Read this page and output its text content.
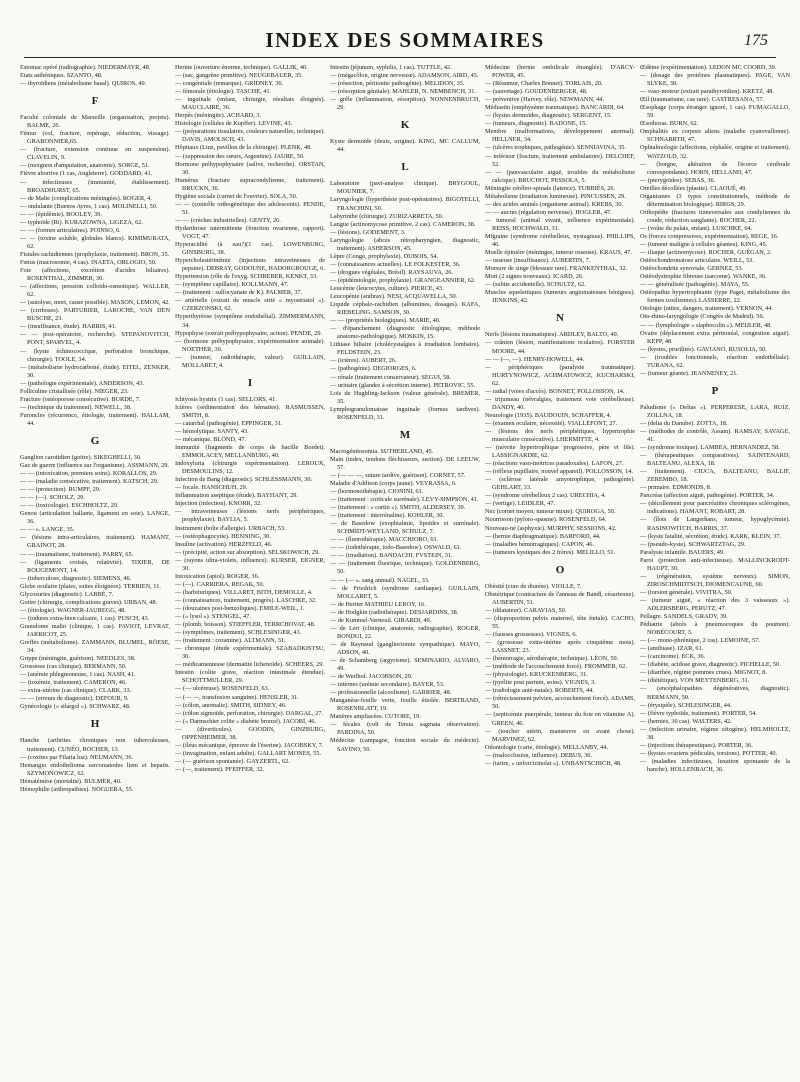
INDEX DES SOMMAIRES	175
Estomac opéré (radiographie). NIEDERMAYR, 48.
Etats asthéniques. SZANTO, 48.
— thyroïdiens (métabolisme basal). QUIROS, 49.
F
Faculté coloniale de Marseille (organisation, projets). BALME, 26.
Fémur (col, fracture, repérage, réduction, vissage). GRABONNIER,65.
— (fracture, extension continue en suspension). CLAVELIN, 9.
— (moignon d'amputation, anatomie). SORGE, 51.
Fièvre abortive (1 cas, Angleterre). GODDARD, 41.
— infectieuses (immunité, établissement). BROADHURST, 65.
— de Malte (complications méningées). ROGER, 4.
— ondulante (Buenos Ayres, 1 cas). MOLINELLI, 50.
— — (épidémie). BOOLEY, 39.
— typhoïde (Ri). KURAZOWNA, LIGEZA, 62.
— — (formes articulaires). POINSO, 6.
— — (toxine soluble, globules blancs). KIMIMURATA, 62.
Fistules rachidiennes (prophylaxie, traitement). BRON, 35.
Fœtus (macrosomie, 4 cas). INAETA, ORLOGIO, 50.
Foie (affections, excrétion d'acides biliaires). ROSENTHAL, ZIMMER, 30.
— (affections, pression colloïdo-osmotique). WALLER, 62.
— (autolyse, mort, cause possible). MASON, LEMON, 42.
— (cirrhoses). PARTURIER, LAROCHE, VAN DEN BUSCHE, 23.
— (insuffisance, étude). HARRIS, 41.
— — post-opératoire, recherche). STEPANOVITCH, PONT, SPARVEL, 4.
— (kyste échinococcique, perforation bronchique, chirurgie). TOOLE, 34.
— (métabolisme hydrocarboné, étude). EITEL, ZENKER, 30.
— (pathologie expérimentale). ANDERSON, 43.
Folliculine cristallisée (rôle). NIEGER, 23.
Fracture (ostéoporose consécutive). BURDE, 7.
— (technique du traitement). NEWELL, 38.
Furoncles (récurrence, étiologie, traitement). HALLAM, 44.
G
Ganglion carotidien (goitre). SIKEGHELLI, 30.
Gaz de guerre (influence sur l'organisme). ASSMANN, 29.
— — (intoxication, premiers soins). KORALLOS, 29.
— — (maladie consécutive, traitement). KATSCH, 29.
— — (protection). RUMPF, 29.
— — (—). SCHOLZ, 29.
— — (toxicologie). ESCHHOLTZ, 29.
Genou (articulation ballante, ligament en soie). LANGE, 36.
— — ». LANGE, 35.
— (lésions intra-articulaires, traitement). HAMANT, GRAINOT, 28.
— — (traumatisme, traitement). PARRY, 65.
— (ligaments croisés, relativité). TIXIER, DE ROUGEMONT, 14.
— (tuberculose, diagnostic). SIEMENS, 46.
Globe oculaire (plaies, suites éloignées). TERRIEN, 11.
Glycosuries (diagnostic). LABBÉ, 7.
Goitre (chirurgie, complications graves). URBAN, 48.
— (étiologie). WAGNER-JAUREGG, 48.
— (iodures extra-bien calcaire, 1 cas). PUSCH, 43.
Granulome malin (clinique, 1 cas). PAVIOT, LEVRAT, JARRICOT, 25.
Greffes (métabolisme). ZAMMANN, BLUMEL, RÖESE, 34.
Grippe (méningite, guérison). NEEDLES, 38.
Grossesse (cas clinique). BERMANN, 50.
— (anémie phlegmoneuse, 1 cas). NASH, 41.
— (toxémie, traitement). CAMERON, 46.
— extra-utérine (cas clinique). CLARK, 33.
— — (erreurs de diagnostic). DEFOUR, 9.
Gynécologie (« silargol »). SCHWARZ, 48.
H
Hanche (arthrites chroniques non tuberculeuses, traitement). CUNÉO, ROCHER, 13.
— (coxites par Filaria loa). NEUMANN, 36.
Hemangio endothelioma sarcomatodes lieni et hepatis. SZYMONOWICZ, 62.
Hématémèse (mortalité). BULMER, 40.
Hémophilie (arthropathies). NOGUERA, 55.
Hernie (ouverture énorme, technique). GALLIK, 40.
— (sac, gangrène primitive). NEUGEBAUER, 35.
— congénitale (remarque). GRIDNEY, 36.
— fémorale (étiologie). TASCHE, 41.
— inguinale (enfant, chirurgie, résultats éloignés). MAUCLAIRE, 36.
Herpès (méningite). ACHARD, 3.
Histologie (cellules de Kupffer). LEVINE, 43.
— (préparations tissulaires, couleurs naturelles, technique). DAVIS, AMOLSCH, 43.
Hôpitaux (Linz, pavillon de la chirurgie). PLENK, 48.
— (suppression des sœurs, Argentine). JAURE, 50.
Hormone préhypophysaire (salive, recherche). ORSTAN, 30.
Humérus (fracture supracondylienne, traitement). BRUCKN, 36.
Hygiène sociale (carnet de l'ouvrier). SOLA, 50.
— — (contrôle orthogénétique des adolescents). PENDE, 51.
— — (crèches industrielles). GENTY, 26.
Hydarthrose intermittente (fonction ovarienne, rapport). VOGT, 47.
Hyperacidité (à eau?)(1 cas). LOWENBURG, GINSBURG, 38.
Hypercholestérinémie (injections intraveineuses de pepsine). DEBRAY, GODOUNE, HADORGROUGE, 6.
Hypertension (rôle de l'oxyg. SCHREBER, KENKT, 33.
— (symptôme capillaire). KOLLMANN, 47.
— (traitement : sulfocyanate de K). PALMER, 37.
— artérielle (extrait de muscle strié « myostriatol »). CZERZONSKI, 62.
Hyperthyréose (symptôme endothélial). ZIMMERMANN, 34.
Hypophyse (extrait préhypophysaire, action). PENDE, 29.
— (hormone préhypophysaire, expérimentation animale). NOETHER, 30.
— (tumeur, radiothérapie, valeur). GUILLAIN, MOLLARET, 4.
I
Ichtyosis hystrix (1 cas). SELLORS, 41.
Ictères (sédimentation des hématies). RASMUSSEN, SMITH, 8.
— catarrhal (pathogénie). EPPINGER, 31.
— hémolytique. SANTY, 43.
— mécanique. BLOND, 47.
Immunité (fragments de corps de bacille Bordet). EMMOLACEY, MELLANBURG, 40.
Indoxyluria (chirurgie expérimentation). LEROUX, DESMOULINS, 12.
Infection de Bang (diagnostic). SCHLESSMANN, 30.
— focale. HANSCHUH, 29.
Inflammation aseptique (étude). BAYHANT, 29.
Injection (infection). KNORR, 32.
— intraveineuses (lésions nerfs périphériques, prophylaxie). BAYLIA, 5.
Instrument (boîte d'allergie). URBACH, 53.
— (ostéophagocytie). HENNING, 30.
Insuline (activation). HERZFELD, 46.
— (précipité, action sur absorption). SELSKOWICH, 29.
— (rayons ultra-violets, influence). KURSER, EIGNER, 30.
Intoxication (apiol). ROGER, 36.
— (—). CARRIERA, REGAK, 50.
— (barbituriques). VILLARET, BITH, DEMOLLE, 4.
— (connaissances, traitement, progrès). LASCHKE, 32.
— (douzaines post-benzoliques). EMILE-WEIL, 1.
— (« lysol »). STENGEL, 47.
— (plomb, boisson). STIEFFLER, TERRCHOVAT, 48.
— (symptômes, traitement). SCHLESINGER, 43.
— (traitement : coramine). ALTMANN, 31.
— chronique (étude expérimentale). SZABADKISTSU, 30.
— médicamenteuse (dermatite lichenoïde). SCHEERS, 29.
Intestin (colite grave, réaction intestinale étendue). SCHOTTMULLER, 29.
— (— ulcéreuse). ROSENFELD, 63.
— (— —, transfusion sanguine). HENSLER, 31.
— (côlon, anomalie). SMITH, SIDNEY, 46.
— (côlon sigmoïde, perforation, chirurgie). DARGAL, 27.
— (« Darmschier colite » diabète bronzé). JACOBI, 46.
— (diverticules). GOODIN, GINZBURG, OPPENHEIMER, 38.
— (iléus mécanique, épreuve de l'éserine). JACOBSKY, 7.
— (invagination, enfant adulte). GALLART MONES, 55.
— (— guérison spontanée). GAYZERTL, 62.
— (—, traitement). PFEIFFER, 32.
Intestin (jéjunum, syphilis, 1 cas). TUTTLE, 42.
— (mégacôlon, origine nerveuse). ADAMSON, AIRD, 45.
— (résection, péritonite pathogénie). MELIDON, 35.
— (résorption génitale). MAHLER, N. NEMBENCH, 31.
— grêle (inflammation, résorption). NONNENBRUCH, 29.
K
Kyste dermoïde (deuts, origine). KING, MC CALLUM, 44.
L
Laboratoire (pavi-analyse clinique). BRYGOUL, MOUNIER, 7.
Laryngologie (hyperthésie post-opératoires). BIGOTELLI, FRANCHINI, 50.
Labyrinthe (chirurgie). ZURIZARRETA, 50.
Langue (actinomycose primitive, 2 cas). CAMERON, 38.
— (lésions). GODEMENT, 3.
Laryngologie (abcès rétropharyngien, diagnostic, traitement). ASHERSON, 45.
Lèpre (Congo, prophylaxie). DUBOIS, 54.
— (connaissances actuelles). LE FOLKESTER, 36.
— (drogues végétales, Brésil). RAYSAUVA, 26.
— (épidémiologie, prophylaxie). GRANGEANNIER, 62.
Leucémie (leucocytes, culture). PIERCE, 43.
Leucopénie (anthrax). NESI, ACQUAVELLA, 50.
Liquide céphalo-rachidien (albumines, dosages). KAFA, RIEBELING, SAMSON, 30.
— — (propriétés biologiques). MARIE, 40.
— d'épanchement (diagnostic étiologique, méthode anatomo-pathologique). MOSKIN, 15.
Lithiase biliaire (cholécystalgies à irradiation lombaire). FELDSTEIN, 23.
— (ictères). AUBERT, 26.
— (pathogénie). DEGIORGES, 6.
— rénale (traitement conservateur). SEGUI, 58.
— urinaire (glandes à sécrétion interne). PETROVIC, 55.
Loïs de Hughling-Jackson (valeur générale). BREMER, 35.
Lymphogranulomatose inguinale (formes tardives). ROSENFELD, 31.
M
Macrogénitosomia. SUTHERLAND, 45.
Main (index, tendons fléchisseurs, section). DE LEEUW, 57.
— (— — —, suture tardive, guérison). CORNET, 57.
Maladie d'Addison (corps jaune). VEYRASSA, 6.
— (hormonothérapie). CIONINI, 61.
— (traitement : corticale surrénale). LEVY-SIMPSON, 41.
— (traitement : « cortin »). SMITH, ALDERSEY, 39.
— (traitement : interrénaline). KOHLER, 30.
— de Basedow (exophtalmie, lipoïdes et surrénale). SCHMIDT-WEYLAND, SCHULZ, 7.
— — (fluorothérapie). MACCHIORO, 61.
— — (iodothérapie, iodo-Basedow). OSWALD, 61.
— — (irradiation). BANDACHI, FVSTEIN, 31.
— — (traitement fluorique, technique). GOLDENBERG, 50.
— — (— ». sang annual). NAGEL, 33.
— de Friedrich (syndrome cardiaque). GUILLAIN, MOLLARET, 5.
— de Hertter MATHIEU LEROY, 16.
— de Hodgkin (radiothérapie). DESJARDINS, 38.
— de Kummel-Verneuil. GIRARDI, 49.
— de Léri (clinique, anatomie, radiographie). ROGER, BONDUI, 22.
— de Raynaud (ganglioctomie sympathique). MAYO, ADSON, 40.
— de Schamberg (argyrisme). SEMINARIO, ALVARO, 49.
— de Werlhof. JACOBSON, 29.
— internes (urémie secondaire). BAYER, 53.
— professionnelle (alcoolisme). GARRIER, 48.
Manganèse-feuille verte, feuille étiolée. BERTRAND, ROSENBLATT, 19.
Matières ampliacées. CUTORE, 19.
— fécales (coli de Tersia sagmata observation). PARDINA, 50.
Médecine (campagne, fonction sociale du médecin). SAVINO, 50.
Médecine (hernie ombilicale étranglée). D'ARCY-POWER, 45.
— (Réaumur, Charles Bonnet). TORLAIS, 20.
— (sauvetage). GOUDENBERGER, 48.
— préventive (Harvey, rôle). NEWMANN, 44.
Médiastin (emphysème traumatique). BANCARDI, 64.
— (kystes dermoïdes, diagnostic). SERGENT, 15.
— (tumeurs, diagnostic). BADONE, 15.
Membre (malformations, développement anormal). HELLNER, 34.
— (ulcères trophiques, pathogénie). SENNIAVINA, 35.
— inférieur (fracture, traitement ambulatoire). DELCHEF, 52.
— — (panvasculaire aiguë, troubles du métabolisme calcique). BRUCHOT, PESSOLA, 5.
Méningite cérébro-spinale (latence). TUBBIÈS, 26.
Métabolisme (irradiation lumineuse). PINCUSSEN, 29.
— des acides aminés (organisme animal). KREBS, 30.
— — aucres (régulation nerveuse). HOGLER, 47.
— tumoral (animal vivant, influence expérimentale). REISS, HOCHWALD, 31.
Migraine (syndrome cérébelleux, nystagmus). PHILLIPS, 46.
Moelle épinière (méninges, tumeur osseuse). KRAUS, 47.
— osseuse (insuffisance). AUBERTIN, 7.
Morsure de singe (blessure rare). FRANKENTHAL, 32.
Mort (2 signes nouveaux). ICARD, 26.
— (subite accidentelle). SCHULTZ, 62.
Muscles squelettiques (tumeurs angiomateuses bénignes). JENKINS, 42.
N
Nerfs (lésions traumatiques). ARDLEY, BALTO, 49.
— crânien (lésion, manifestations oculaires). FORSTER MOORE, 44.
— — (—, —). HENRY-HOWELL, 44.
— périphériques (paralysie traumatique). HURTYNOWICZ, ACHMATOWICZ, KUCHARSKI, 62.
— radial (voies d'accès). BONNET, POLLOSSON, 14.
— trijumeau (névralgies, traitement voie cérébelleuse). DANDY, 40.
Neurologie (1935). BAUDOUIN, SCHAFFER, 4.
— (examen oculaire, nécessité). VIALLEFONT, 27.
— (lésions des nerfs périphériques, hypertrophie musculaire consécutive). LHERMITTE, 4.
— (névrite hypertrophique progressive, père et fils). LASSIGNARDIE, 62.
— (réactions vaso-motrices paradoxales). LAFON, 27.
— (réflexe pupillaire, nouvel appareil). POLLOSSON, 14.
— (sclérose latérale amyotrophique, pathogénie). GEHLART, 33.
— (syndrome cérébelleux 2 cas). URECHIA, 4.
— (vertige). LEIDLER, 47.
Nez (cornet moyen, tumeur mixte). QUIROGA, 50.
Nourrisson (pyloro-spasme). ROSENFELD, 64.
Nouveau-né (asphyxie). MURPHY, SESSIONS, 42.
— (hernie diaphragmatique). BARFORD, 44.
— (maladies hémorragiques). CAPON, 46.
— (tumeurs kystiques des 2 frères). MELILLO, 51.
O
Obésité (cure de diurèse). VIOLLE, 7.
Obstétrique (contracture de l'anneau de Bandl, césarienne). AUBERTIN, 51.
— (dilatateur). CARAVIAS, 50.
— (disproportion pelvis maternel, tête fœtale). CACHO, 55.
— (fausses grossesses). VIGNES, 6.
— (grossesse extra-utérine après cinquième mois). LASSNET, 23.
— (hémorragie, sérothérapie, technique). LÉON, 50.
— (méthode de l'accouchement forcé). FROMMER, 62.
— (physiologie). KRUCKENBERG, 31.
— (pyélite post partum, soins). VIGNES, 3.
— (radiologie anté-natale). ROBERTS, 44.
— (rétrécissement pelvien, accouchement forcé). ADAMS, 50.
— (septicémie puerpérale, tumeur du foie en vitamine A). GREEN, 46.
— (toucher utérin, manœuvre en avant chose). MARVINEZ, 62.
Odontologie (carie, étiologie). MELLANBY, 44.
— (malocclusion, influence). DEBUS, 30.
— (tartre, « unforcizinolat »). UNBANTSCHICH, 48.
Œdème (expérimentation). LEDON MC COORD, 39.
— (dosage des protéines plasmatiques). PAGE, VAN SLYKE, 38.
— vaso-moteur (extrait parathyroïdien). KRETZ, 48.
Œil (traumatisme, cas rare). CASTRESANA, 57.
Œsophage (corps étranger ignoré, 1 cas). FUMAGALLO, 59.
Œsothoras. BURN, 62.
Omphalitis ex corpore aliens (maladie cyanovallonne). SCHNARRTH, 47.
Ophtalmologie (affections, céphalée, origine et traitement). WATZOLD, 32.
— (borgne, altération de l'écorce cérébrale correspondante). HORN, HELLAND, 47.
— (pterygoïdes). SEBAS, 36.
Oreilles décollées (plastie). CLAOUÉ, 49.
Organismes (3 types constitutionnels, méthode de détermination biologique). RIRGS, 29.
Orthopédie (fractures transversales aux condyliennes du coude, réduction sanglante). ROCHER, 22.
— (voûte du palais, enfant). LUSCHKE, 64.
Os (forces compressives, expérimentation). REGE, 16.
— (tumeur maligne à cellules géantes). KING, 45.
— iliaque (actinomycose). ROCHER, GUÉGAN, 2.
Ostéochondromatose articulaire. WEILL, 53.
Ostéochondrite synoviale. GERNEZ, 53.
Ostéodystrophie fibreuse (sarcome). WANKE, 36.
— — généralisée (pathogénie). MAYA, 55.
Ostéopathie hypertrophiante (type Paget, métabolisme des formes toxiliennes). LASSERRE, 22.
Otologie (otites, dangers, traitement). VERNON, 44.
Oto-rhino-laryngologie (Congrès de Madrid). 56.
— — (lymphologie « slaphocolin »). MEIJLER, 48.
Ovaire (déplacement extra péritonéal, congestion aiguë). KEPP, 48.
— (kystes, prurilités). GAVIANO, RUSOLIA, 50.
— (troubles fonctionnels, réaction endothéliale). TURANA, 62.
— (tumeur géante). JEANNENEY, 21.
P
Paludisme (« Deltas »). PERPERESE, LARA, RUIZ, ZOLLNA, 18.
— (delta du Danube). ZOTTA, 18.
— (méthodes de contrôle, Assam). RAMSAY, SAVAGE, 41.
— (syndrome toxique). LAMBEA, HERNANDEZ, 58.
— (thérapeutiques comparatives). SAINTENARD, BALTEANU, ALEXA, 18.
— (traitement). CIUCA, BALTEANU, BALLIF, ZEREMBO, 18.
— primaire. EDMONDS, 8.
Pancréas (affection aiguë, pathogénie). PORTER, 34.
— (décollement pour pancréatites chroniques sclérogènes, indications). HAMANT, ROBART, 28.
— (îlots de Langerhans, tumeur, hypoglycémie). RASINOWITCH, HARRIS, 37.
— (kyste fatalité, sécrétion, étude). KARK, KLEIN, 37.
— (pseudo-kyste). SCHWARTZTAG, 29.
Paralysie infantile. BAUERS, 49.
Paroi (protection anti-infectieuse). MALLINCKRODT-HAUPT, 30.
— (régénération, système nerveux). SIMON, ZIROSCHMIDTSCH, DIOMENCAUNE, 60.
— (torsion générale). VIVITRA, 50.
— (tumeur aiguë, « réaction des 3 vaisseaux »). ADLERSBERG, PERUTZ, 47.
Pellagre. SANDELS, GRADY, 39.
Pédiatrie (abcès à pneumocoques du poumon). NOBÉCOURT, 3.
— (— mono-phrénique, 2 cas). LEMOINE, 57.
— (amibiase). IZAR, 61.
— (carcinome). ECK, 36.
— (diabète, acidose grave, diagnostic). PICHELLE, 50.
— (diarrhée, régime pommes crues). MIGNOT, 8.
— (diététique). VON MEYTENBERG, 31.
— (encéphalopathies dégénératives, diagnostic). BERMANN, 50.
— (érysipèle). SCHLESINGER, 44.
— (fièvre typhoïde, traitement). PORTER, 54.
— (hernies, 30 cas). WALTERS, 42.
— (infection urinaire, régime cétogène). HELMHOLTZ, 38.
— (injections thérapeutiques). PORTER, 36.
— (kystes ovariens pédiculés, torsions). POTTER, 40.
— (maladies infectieuses, luxation spontanée de la hanche). HOLLENBACH, 36.
